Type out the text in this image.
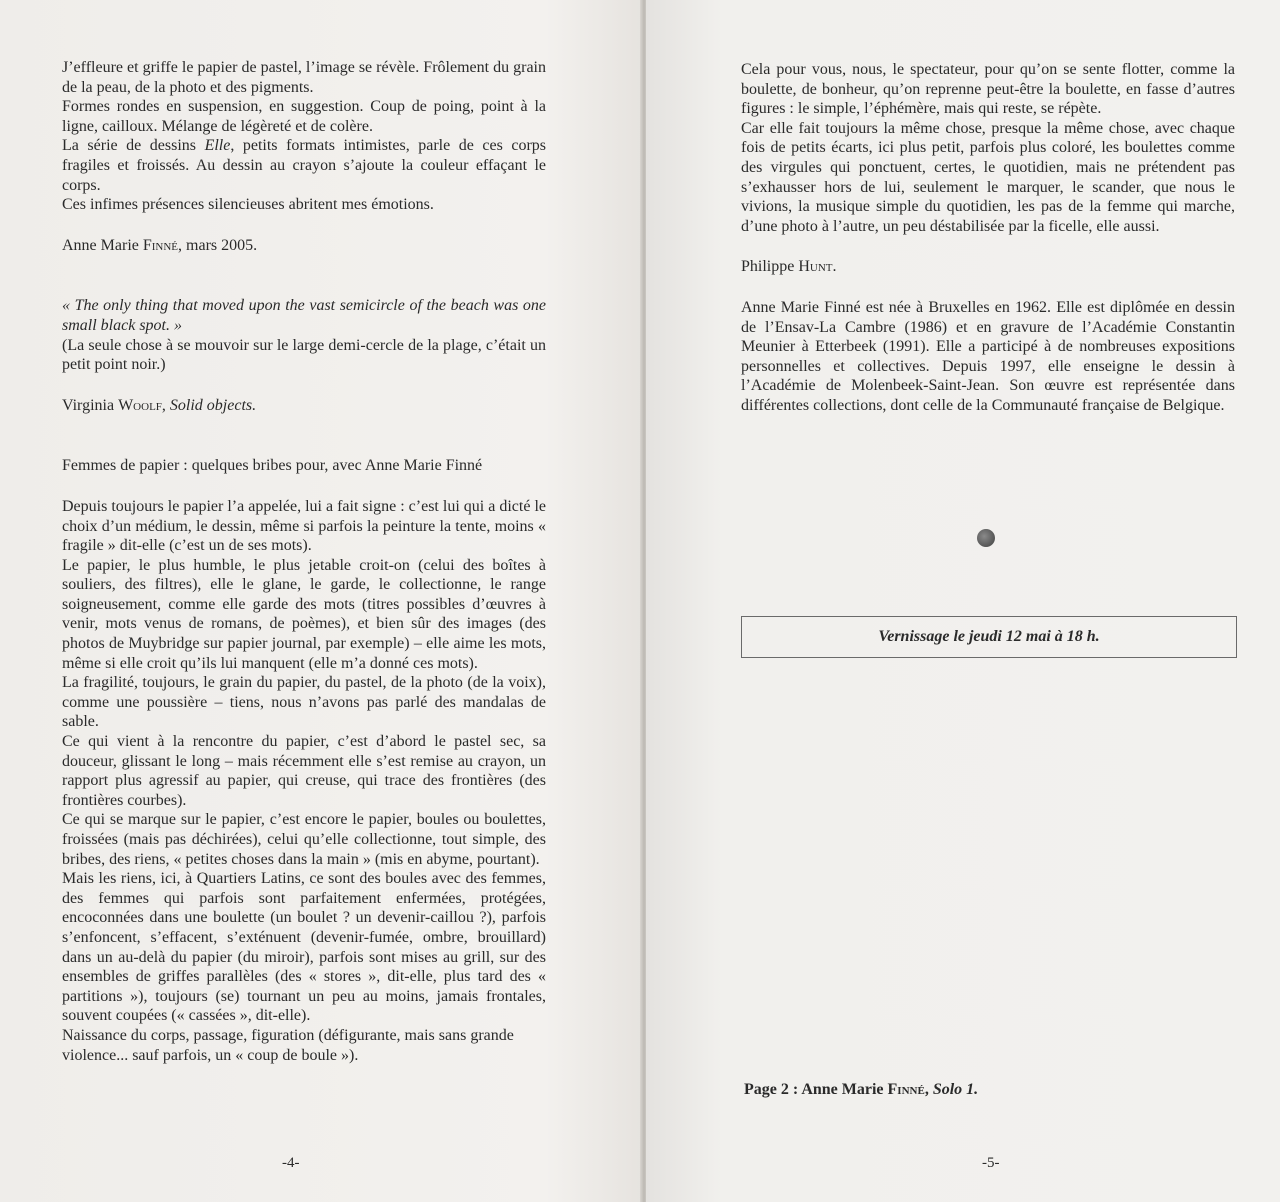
J’effleure et griffe le papier de pastel, l’image se révèle. Frôlement du grain de la peau, de la photo et des pigments.

Formes rondes en suspension, en suggestion. Coup de poing, point à la ligne, cailloux. Mélange de légèreté et de colère.

La série de dessins Elle, petits formats intimistes, parle de ces corps fragiles et froissés. Au dessin au crayon s’ajoute la couleur effaçant le corps.

Ces infimes présences silencieuses abritent mes émotions.

Anne Marie Finné, mars 2005.

« The only thing that moved upon the vast semicircle of the beach was one small black spot. »

(La seule chose à se mouvoir sur le large demi-cercle de la plage, c’était un petit point noir.)

Virginia Woolf, Solid objects.

Femmes de papier : quelques bribes pour, avec Anne Marie Finné

Depuis toujours le papier l’a appelée, lui a fait signe : c’est lui qui a dicté le choix d’un médium, le dessin, même si parfois la peinture la tente, moins « fragile » dit-elle (c’est un de ses mots).

Le papier, le plus humble, le plus jetable croit-on (celui des boîtes à souliers, des filtres), elle le glane, le garde, le collectionne, le range soigneusement, comme elle garde des mots (titres possibles d’œuvres à venir, mots venus de romans, de poèmes), et bien sûr des images (des photos de Muybridge sur papier journal, par exemple) – elle aime les mots, même si elle croit qu’ils lui manquent (elle m’a donné ces mots).

La fragilité, toujours, le grain du papier, du pastel, de la photo (de la voix), comme une poussière – tiens, nous n’avons pas parlé des mandalas de sable.

Ce qui vient à la rencontre du papier, c’est d’abord le pastel sec, sa douceur, glissant le long – mais récemment elle s’est remise au crayon, un rapport plus agressif au papier, qui creuse, qui trace des frontières (des frontières courbes).

Ce qui se marque sur le papier, c’est encore le papier, boules ou boulettes, froissées (mais pas déchirées), celui qu’elle collectionne, tout simple, des bribes, des riens, « petites choses dans la main » (mis en abyme, pourtant).

Mais les riens, ici, à Quartiers Latins, ce sont des boules avec des femmes, des femmes qui parfois sont parfaitement enfermées, protégées, encoconnées dans une boulette (un boulet ? un devenir-caillou ?), parfois s’enfoncent, s’effacent, s’exténuent (devenir-fumée, ombre, brouillard) dans un au-delà du papier (du miroir), parfois sont mises au grill, sur des ensembles de griffes parallèles (des « stores », dit-elle, plus tard des « partitions »), toujours (se) tournant un peu au moins, jamais frontales, souvent coupées (« cassées », dit-elle).

Naissance du corps, passage, figuration (défigurante, mais sans grande violence... sauf parfois, un « coup de boule »).

-4-

Cela pour vous, nous, le spectateur, pour qu’on se sente flotter, comme la boulette, de bonheur, qu’on reprenne peut-être la boulette, en fasse d’autres figures : le simple, l’éphémère, mais qui reste, se répète.

Car elle fait toujours la même chose, presque la même chose, avec chaque fois de petits écarts, ici plus petit, parfois plus coloré, les boulettes comme des virgules qui ponctuent, certes, le quotidien, mais ne prétendent pas s’exhausser hors de lui, seulement le marquer, le scander, que nous le vivions, la musique simple du quotidien, les pas de la femme qui marche, d’une photo à l’autre, un peu déstabilisée par la ficelle, elle aussi.

Philippe Hunt.

Anne Marie Finné est née à Bruxelles en 1962. Elle est diplômée en dessin de l’Ensav-La Cambre (1986) et en gravure de l’Académie Constantin Meunier à Etterbeek (1991). Elle a participé à de nombreuses expositions personnelles et collectives. Depuis 1997, elle enseigne le dessin à l’Académie de Molenbeek-Saint-Jean. Son œuvre est représentée dans différentes collections, dont celle de la Communauté française de Belgique.

Vernissage le jeudi 12 mai à 18 h.
Page 2 : Anne Marie Finné, Solo 1.
-5-
